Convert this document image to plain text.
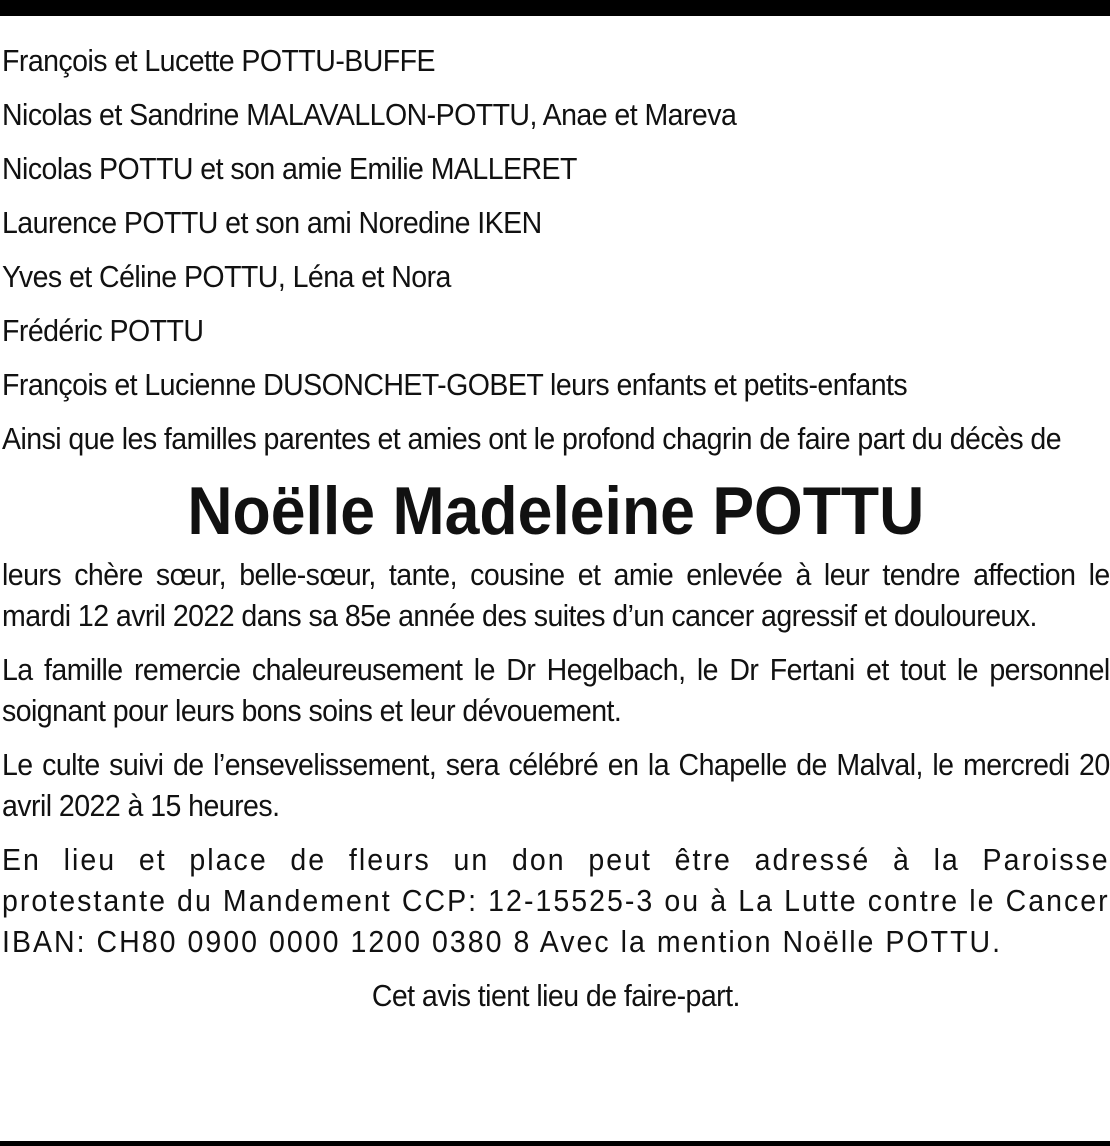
François et Lucette POTTU-BUFFE
Nicolas et Sandrine MALAVALLON-POTTU, Anae et Mareva
Nicolas POTTU et son amie Emilie MALLERET
Laurence POTTU et son ami Noredine IKEN
Yves et Céline POTTU, Léna et Nora
Frédéric POTTU
François et Lucienne DUSONCHET-GOBET leurs enfants et petits-enfants
Ainsi que les familles parentes et amies ont le profond chagrin de faire part du décès de
Noëlle Madeleine POTTU
leurs chère sœur, belle-sœur, tante, cousine et amie enlevée à leur tendre affection le mardi 12 avril 2022 dans sa 85e année des suites d’un cancer agressif et douloureux.
La famille remercie chaleureusement le Dr Hegelbach, le Dr Fertani et tout le personnel soignant pour leurs bons soins et leur dévouement.
Le culte suivi de l’ensevelissement, sera célébré en la Chapelle de Malval, le mercredi 20 avril 2022 à 15 heures.
En lieu et place de fleurs un don peut être adressé à la Paroisse protestante du Mandement CCP: 12-15525-3 ou à La Lutte contre le Cancer IBAN: CH80 0900 0000 1200 0380 8 Avec la mention Noëlle POTTU.
Cet avis tient lieu de faire-part.
